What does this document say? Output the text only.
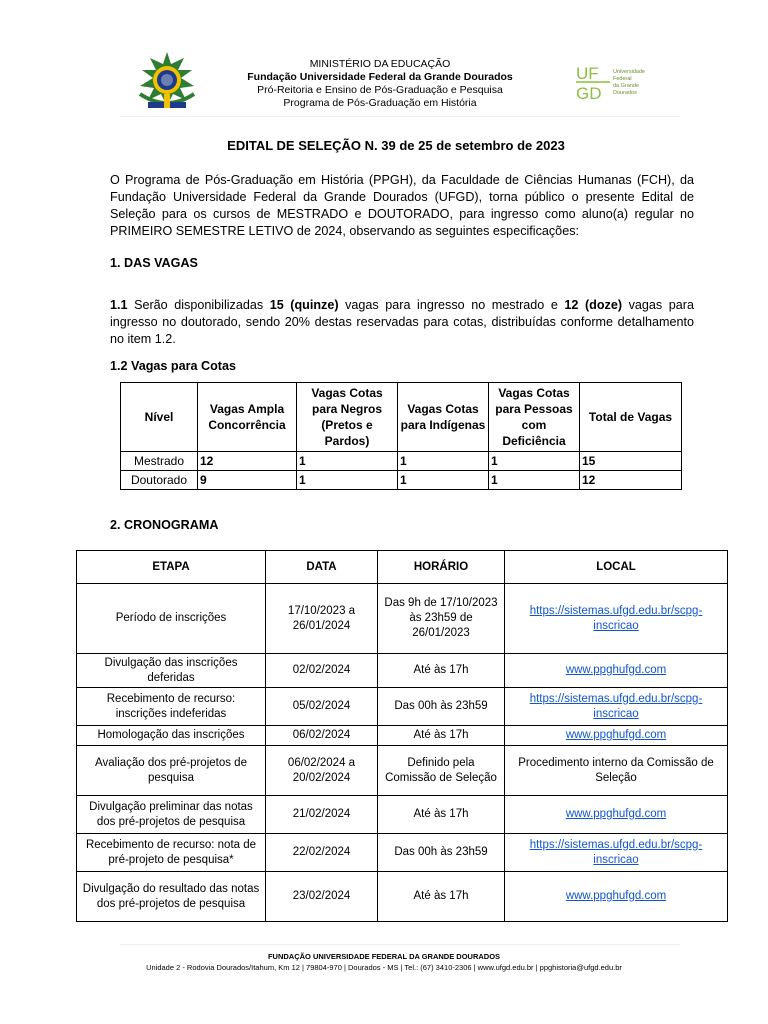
MINISTÉRIO DA EDUCAÇÃO
Fundação Universidade Federal da Grande Dourados
Pró-Reitoria e Ensino de Pós-Graduação e Pesquisa
Programa de Pós-Graduação em História
UF
GD
Universidade
Federal
da Grande
Dourados
EDITAL DE SELEÇÃO N. 39 de 25 de setembro de 2023
O Programa de Pós-Graduação em História (PPGH), da Faculdade de Ciências Humanas (FCH), da Fundação Universidade Federal da Grande Dourados (UFGD), torna público o presente Edital de Seleção para os cursos de MESTRADO e DOUTORADO, para ingresso como aluno(a) regular no PRIMEIRO SEMESTRE LETIVO de 2024, observando as seguintes especificações:
1. DAS VAGAS
1.1 Serão disponibilizadas 15 (quinze) vagas para ingresso no mestrado e 12 (doze) vagas para ingresso no doutorado, sendo 20% destas reservadas para cotas, distribuídas conforme detalhamento no item 1.2.
1.2 Vagas para Cotas
Nível	Vagas Ampla Concorrência	Vagas Cotas para Negros (Pretos e Pardos)	Vagas Cotas para Indígenas	Vagas Cotas para Pessoas com Deficiência	Total de Vagas
Mestrado	12	1	1	1	15
Doutorado	9	1	1	1	12
2. CRONOGRAMA
ETAPA	DATA	HORÁRIO	LOCAL
Período de inscrições	17/10/2023 a 26/01/2024	Das 9h de 17/10/2023 às 23h59 de 26/01/2023	https://sistemas.ufgd.edu.br/scpg-inscricao
Divulgação das inscrições deferidas	02/02/2024	Até às 17h	www.ppghufgd.com
Recebimento de recurso: inscrições indeferidas	05/02/2024	Das 00h às 23h59	https://sistemas.ufgd.edu.br/scpg-inscricao
Homologação das inscrições	06/02/2024	Até às 17h	www.ppghufgd.com
Avaliação dos pré-projetos de pesquisa	06/02/2024 a 20/02/2024	Definido pela Comissão de Seleção	Procedimento interno da Comissão de Seleção
Divulgação preliminar das notas dos pré-projetos de pesquisa	21/02/2024	Até às 17h	www.ppghufgd.com
Recebimento de recurso: nota de pré-projeto de pesquisa*	22/02/2024	Das 00h às 23h59	https://sistemas.ufgd.edu.br/scpg-inscricao
Divulgação do resultado das notas dos pré-projetos de pesquisa	23/02/2024	Até às 17h	www.ppghufgd.com
FUNDAÇÃO UNIVERSIDADE FEDERAL DA GRANDE DOURADOS
Unidade 2 - Rodovia Dourados/Itahum, Km 12 | 79804-970 | Dourados - MS | Tel.: (67) 3410-2306 | www.ufgd.edu.br | ppghistoria@ufgd.edu.br
